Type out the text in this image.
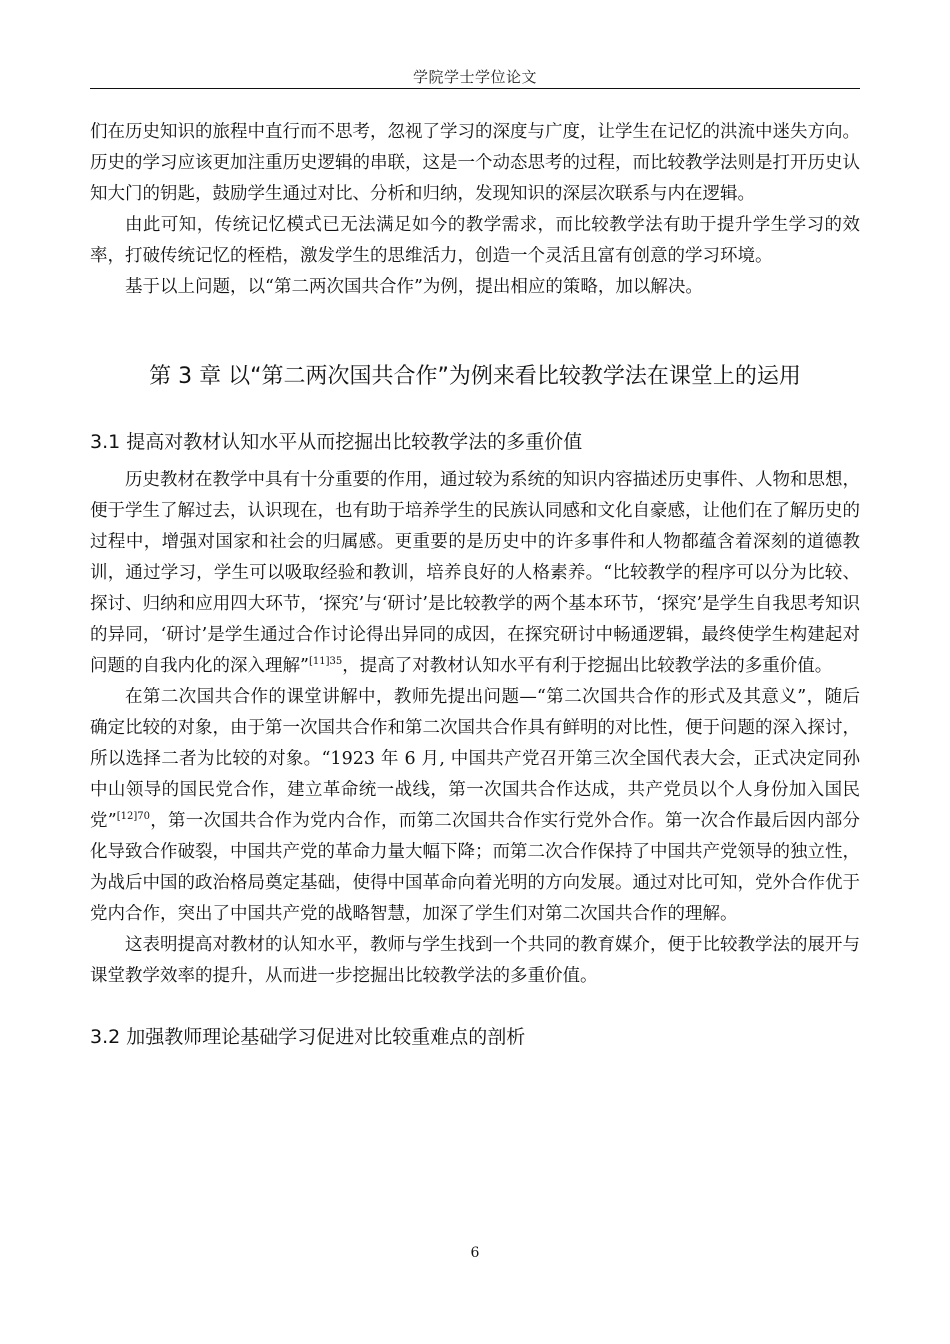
学院学士学位论文

们在历史知识的旅程中直行而不思考，忽视了学习的深度与广度，让学生在记忆的洪流中迷失方向。历史的学习应该更加注重历史逻辑的串联，这是一个动态思考的过程，而比较教学法则是打开历史认知大门的钥匙，鼓励学生通过对比、分析和归纳，发现知识的深层次联系与内在逻辑。

由此可知，传统记忆模式已无法满足如今的教学需求，而比较教学法有助于提升学生学习的效率，打破传统记忆的桎梏，激发学生的思维活力，创造一个灵活且富有创意的学习环境。

基于以上问题，以“第二两次国共合作”为例，提出相应的策略，加以解决。

第 3 章 以“第二两次国共合作”为例来看比较教学法在课堂上的运用
3.1 提高对教材认知水平从而挖掘出比较教学法的多重价值

历史教材在教学中具有十分重要的作用，通过较为系统的知识内容描述历史事件、人物和思想，便于学生了解过去，认识现在，也有助于培养学生的民族认同感和文化自豪感，让他们在了解历史的过程中，增强对国家和社会的归属感。更重要的是历史中的许多事件和人物都蕴含着深刻的道德教训，通过学习，学生可以吸取经验和教训，培养良好的人格素养。“比较教学的程序可以分为比较、探讨、归纳和应用四大环节，‘探究’与‘研讨’是比较教学的两个基本环节，‘探究’是学生自我思考知识的异同，‘研讨’是学生通过合作讨论得出异同的成因，在探究研讨中畅通逻辑，最终使学生构建起对问题的自我内化的深入理解”$^{[11]35}$，提高了对教材认知水平有利于挖掘出比较教学法的多重价值。

在第二次国共合作的课堂讲解中，教师先提出问题—“第二次国共合作的形式及其意义”，随后确定比较的对象，由于第一次国共合作和第二次国共合作具有鲜明的对比性，便于问题的深入探讨，所以选择二者为比较的对象。“1923 年 6 月, 中国共产党召开第三次全国代表大会，正式决定同孙中山领导的国民党合作，建立革命统一战线，第一次国共合作达成，共产党员以个人身份加入国民党”$^{[12]70}$，第一次国共合作为党内合作，而第二次国共合作实行党外合作。第一次合作最后因内部分化导致合作破裂，中国共产党的革命力量大幅下降；而第二次合作保持了中国共产党领导的独立性，为战后中国的政治格局奠定基础，使得中国革命向着光明的方向发展。通过对比可知，党外合作优于党内合作，突出了中国共产党的战略智慧，加深了学生们对第二次国共合作的理解。

这表明提高对教材的认知水平，教师与学生找到一个共同的教育媒介，便于比较教学法的展开与课堂教学效率的提升，从而进一步挖掘出比较教学法的多重价值。

3.2 加强教师理论基础学习促进对比较重难点的剖析
6
